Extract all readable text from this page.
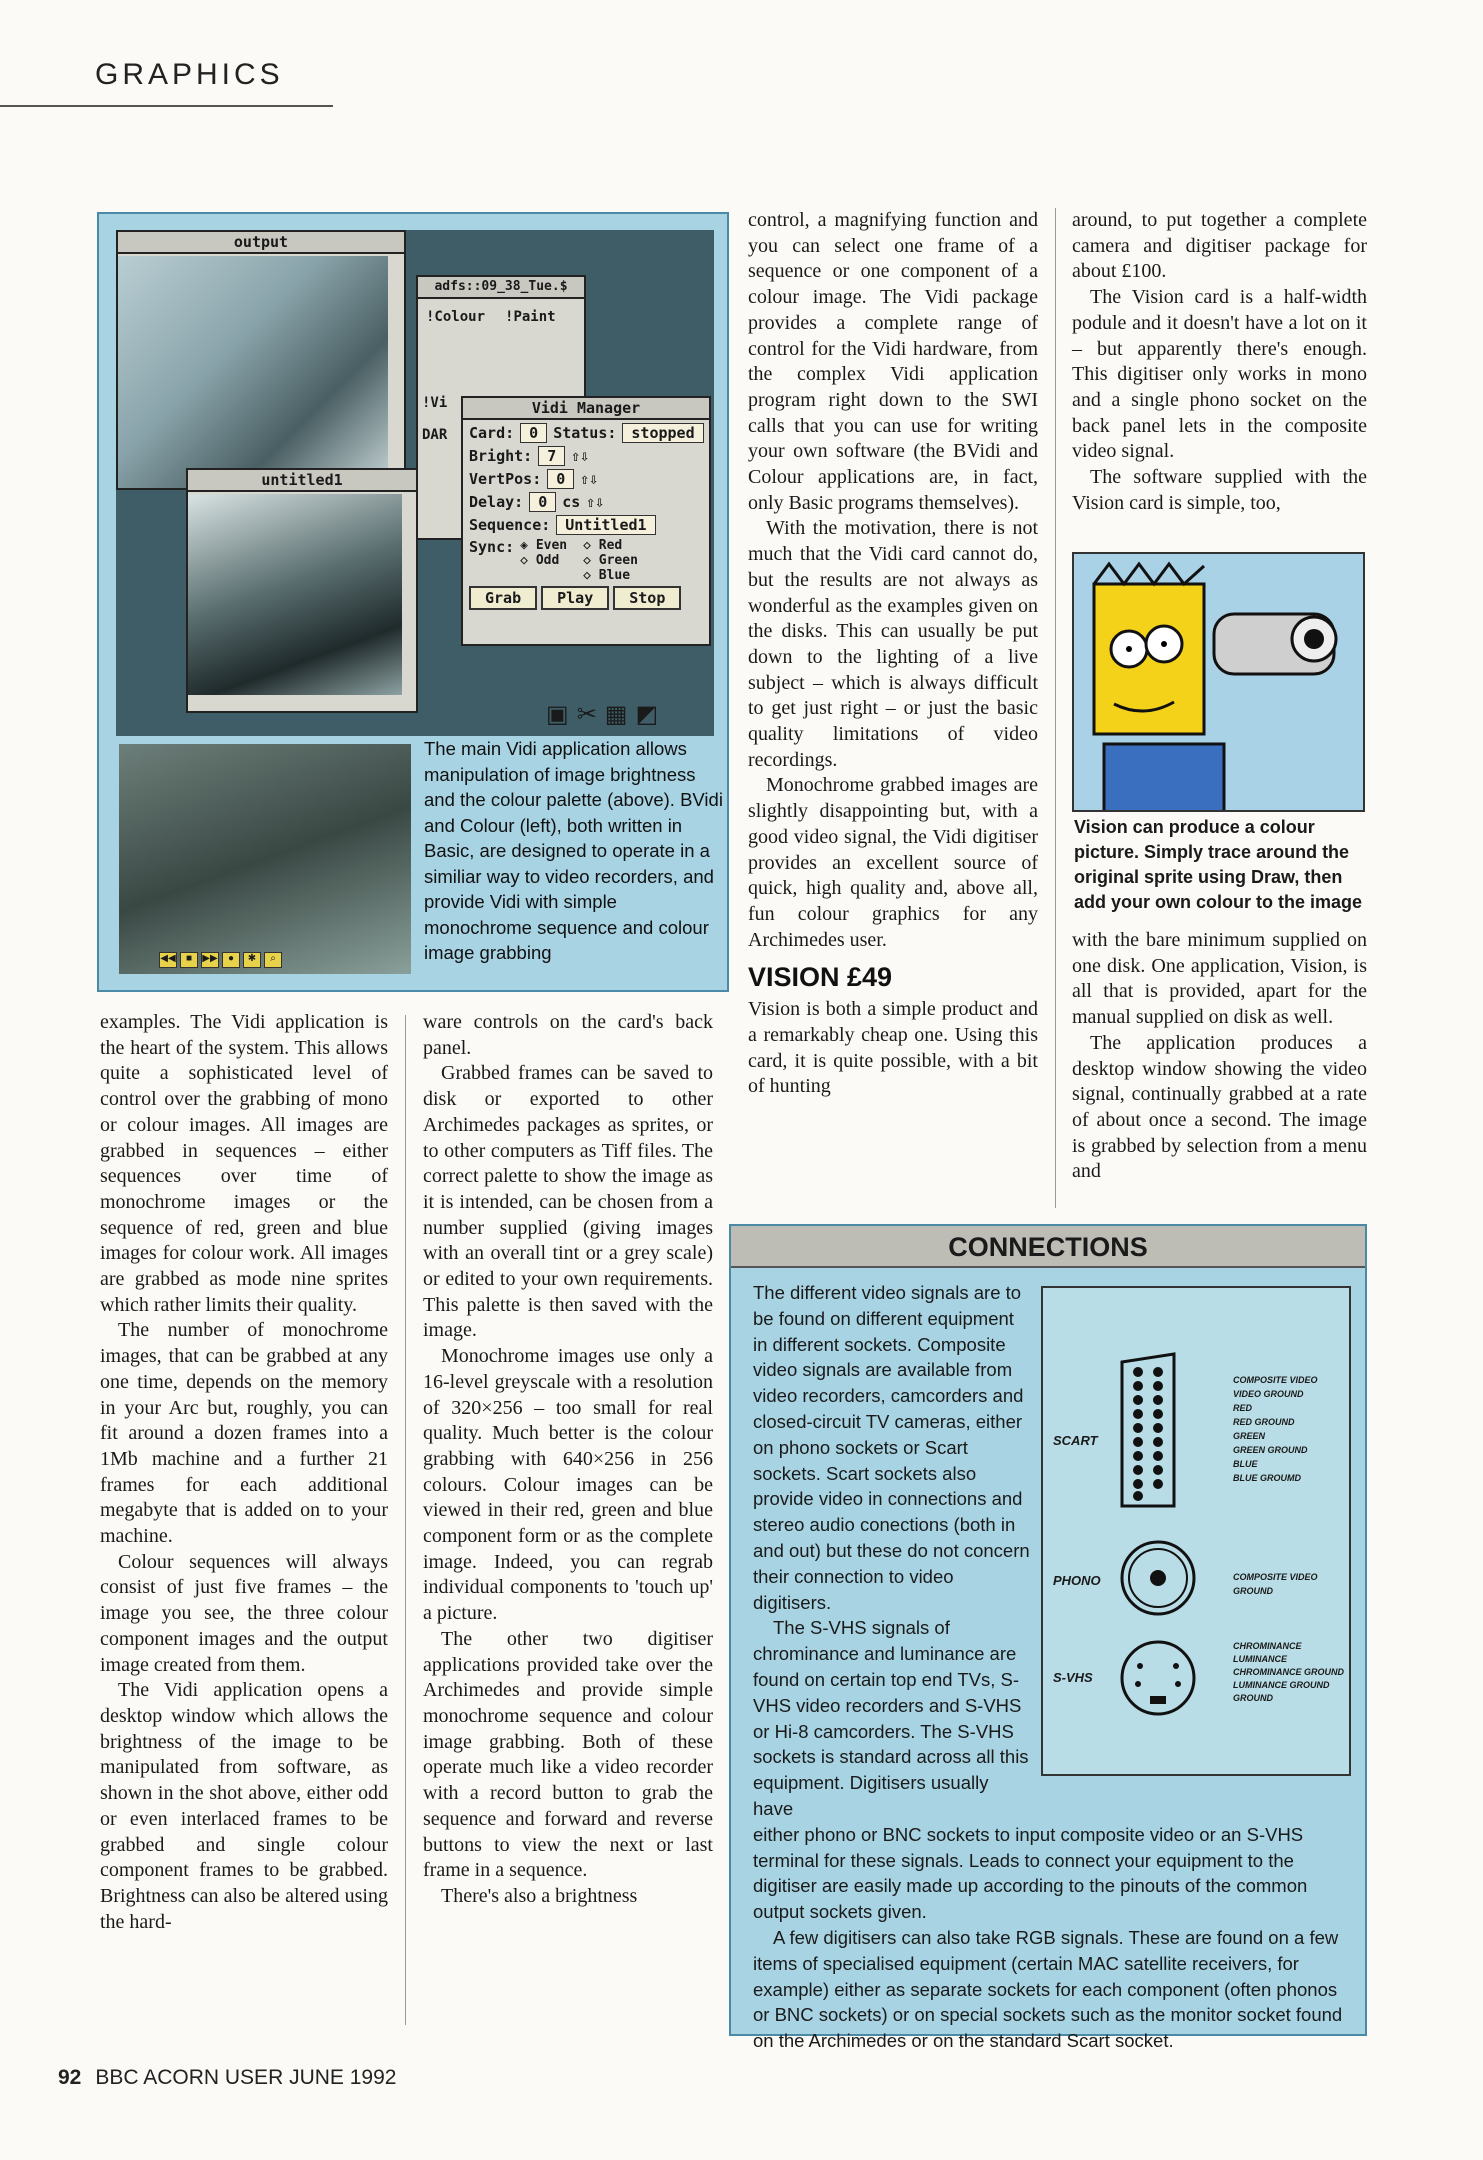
GRAPHICS
output
adfs::09_38_Tue.$
!Colour !Paint
!Vi

DAR
untitled1
Vidi Manager
Card:	0	Status:	stopped
Bright:	7	⇧⇩
VertPos:	0	⇧⇩
Delay:	0	cs ⇧⇩
Sequence:	Untitled1
Sync: ◈ Even
◇ Odd
◇ Red
◇ Green
◇ Blue
Grab	Play	Stop
▣ ✂ ▦ ◩
◀◀	■	▶▶	●	✱	⌕
The main Vidi application allows manipulation of image brightness and the colour palette (above). BVidi and Colour (left), both written in Basic, are designed to operate in a similiar way to video recorders, and provide Vidi with simple monochrome sequence and colour image grabbing

examples. The Vidi application is the heart of the system. This allows quite a sophisticated level of control over the grabbing of mono or colour images. All images are grabbed in sequences – either sequences over time of monochrome images or the sequence of red, green and blue images for colour work. All images are grabbed as mode nine sprites which rather limits their quality.

The number of monochrome images, that can be grabbed at any one time, depends on the memory in your Arc but, roughly, you can fit around a dozen frames into a 1Mb machine and a further 21 frames for each additional megabyte that is added on to your machine.

Colour sequences will always consist of just five frames – the image you see, the three colour component images and the output image created from them.

The Vidi application opens a desktop window which allows the brightness of the image to be manipulated from software, as shown in the shot above, either odd or even interlaced frames to be grabbed and single colour component frames to be grabbed. Brightness can also be altered using the hard-

ware controls on the card's back panel.

Grabbed frames can be saved to disk or exported to other Archimedes packages as sprites, or to other computers as Tiff files. The correct palette to show the image as it is intended, can be chosen from a number supplied (giving images with an overall tint or a grey scale) or edited to your own requirements. This palette is then saved with the image.

Monochrome images use only a 16-level greyscale with a resolution of 320×256 – too small for real quality. Much better is the colour grabbing with 640×256 in 256 colours. Colour images can be viewed in their red, green and blue component form or as the complete image. Indeed, you can regrab individual components to 'touch up' a picture.

The other two digitiser applications provided take over the Archimedes and provide simple monochrome sequence and colour image grabbing. Both of these operate much like a video recorder with a record button to grab the sequence and forward and reverse buttons to view the next or last frame in a sequence.

There's also a brightness

control, a magnifying function and you can select one frame of a sequence or one component of a colour image. The Vidi package provides a complete range of control for the Vidi hardware, from the complex Vidi application program right down to the SWI calls that you can use for writing your own software (the BVidi and Colour applications are, in fact, only Basic programs themselves).

With the motivation, there is not much that the Vidi card cannot do, but the results are not always as wonderful as the examples given on the disks. This can usually be put down to the lighting of a live subject – which is always difficult to get just right – or just the basic quality limitations of video recordings.

Monochrome grabbed images are slightly disappointing but, with a good video signal, the Vidi digitiser provides an excellent source of quick, high quality and, above all, fun colour graphics for any Archimedes user.

VISION £49

Vision is both a simple product and a remarkably cheap one. Using this card, it is quite possible, with a bit of hunting

around, to put together a complete camera and digitiser package for about £100.

The Vision card is a half-width podule and it doesn't have a lot on it – but apparently there's enough. This digitiser only works in mono and a single phono socket on the back panel lets in the composite video signal.

The software supplied with the Vision card is simple, too,

Vision can produce a colour picture. Simply trace around the original sprite using Draw, then add your own colour to the image

with the bare minimum supplied on one disk. One application, Vision, is all that is provided, apart for the manual supplied on disk as well.

The application produces a desktop window showing the video signal, continually grabbed at a rate of about once a second. The image is grabbed by selection from a menu and

CONNECTIONS

The different video signals are to be found on different equipment in different sockets. Composite video signals are available from video recorders, camcorders and closed-circuit TV cameras, either on phono sockets or Scart sockets. Scart sockets also provide video in connections and stereo audio conections (both in and out) but these do not concern their connection to video digitisers.

The S-VHS signals of chrominance and luminance are found on certain top end TVs, S-VHS video recorders and S-VHS or Hi-8 camcorders. The S-VHS sockets is standard across all this equipment. Digitisers usually have

either phono or BNC sockets to input composite video or an S-VHS terminal for these signals. Leads to connect your equipment to the digitiser are easily made up according to the pinouts of the common output sockets given.

A few digitisers can also take RGB signals. These are found on a few items of specialised equipment (certain MAC satellite receivers, for example) either as separate sockets for each component (often phonos or BNC sockets) or on special sockets such as the monitor socket found on the Archimedes or on the standard Scart socket.

SCART
COMPOSITE VIDEO
VIDEO GROUND
RED
RED GROUND
GREEN
GREEN GROUND
BLUE
BLUE GROUMD
PHONO	COMPOSITE VIDEO
GROUND
S-VHS
CHROMINANCE
LUMINANCE
CHROMINANCE GROUND
LUMINANCE GROUND
GROUND
92 BBC ACORN USER JUNE 1992
